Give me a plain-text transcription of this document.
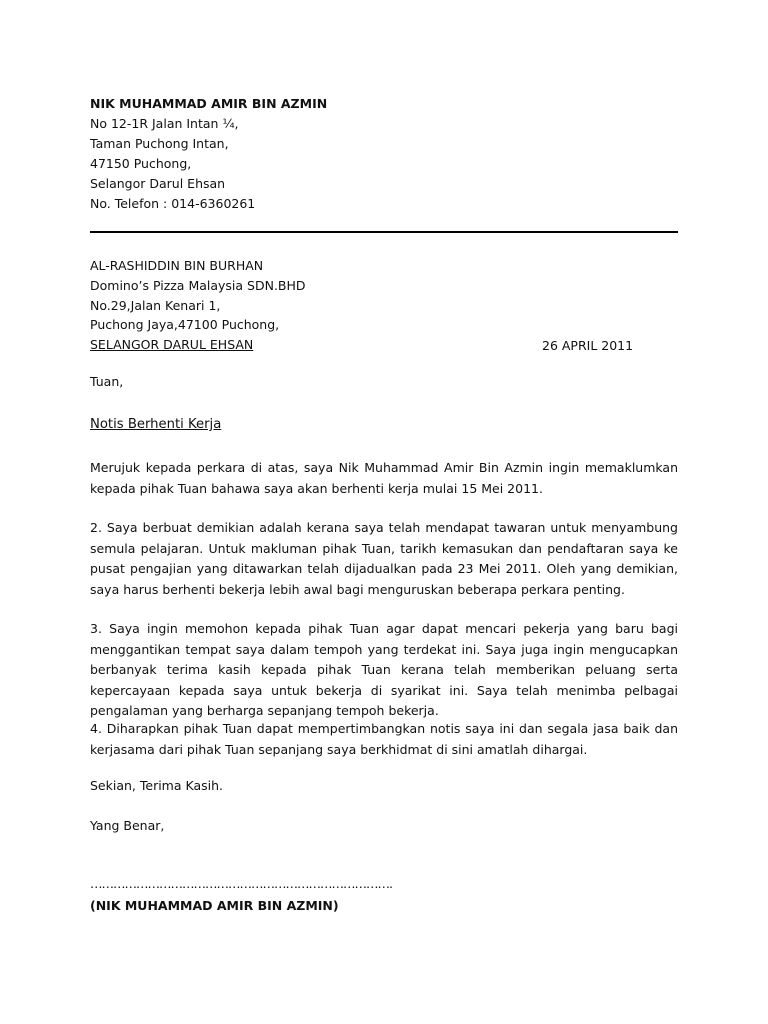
NIK MUHAMMAD AMIR BIN AZMIN
No 12-1R Jalan Intan ¼,
Taman Puchong Intan,
47150 Puchong,
Selangor Darul Ehsan
No. Telefon : 014-6360261
AL-RASHIDDIN BIN BURHAN
Domino’s Pizza Malaysia SDN.BHD
No.29,Jalan Kenari 1,
Puchong Jaya,47100 Puchong,
SELANGOR DARUL EHSAN	26 APRIL 2011
Tuan,
Notis Berhenti Kerja

Merujuk kepada perkara di atas, saya Nik Muhammad Amir Bin Azmin ingin memaklumkan kepada pihak Tuan bahawa saya akan berhenti kerja mulai 15 Mei 2011.

2. Saya berbuat demikian adalah kerana saya telah mendapat tawaran untuk menyambung semula pelajaran. Untuk makluman pihak Tuan, tarikh kemasukan dan pendaftaran saya ke pusat pengajian yang ditawarkan telah dijadualkan pada 23 Mei 2011. Oleh yang demikian, saya harus berhenti bekerja lebih awal bagi menguruskan beberapa perkara penting.

3. Saya ingin memohon kepada pihak Tuan agar dapat mencari pekerja yang baru bagi menggantikan tempat saya dalam tempoh yang terdekat ini. Saya juga ingin mengucapkan berbanyak terima kasih kepada pihak Tuan kerana telah memberikan peluang serta kepercayaan kepada saya untuk bekerja di syarikat ini. Saya telah menimba pelbagai pengalaman yang berharga sepanjang tempoh bekerja.

4. Diharapkan pihak Tuan dapat mempertimbangkan notis saya ini dan segala jasa baik dan kerjasama dari pihak Tuan sepanjang saya berkhidmat di sini amatlah dihargai.

Sekian, Terima Kasih.
Yang Benar,
…………………………………………………………………….
(NIK MUHAMMAD AMIR BIN AZMIN)
